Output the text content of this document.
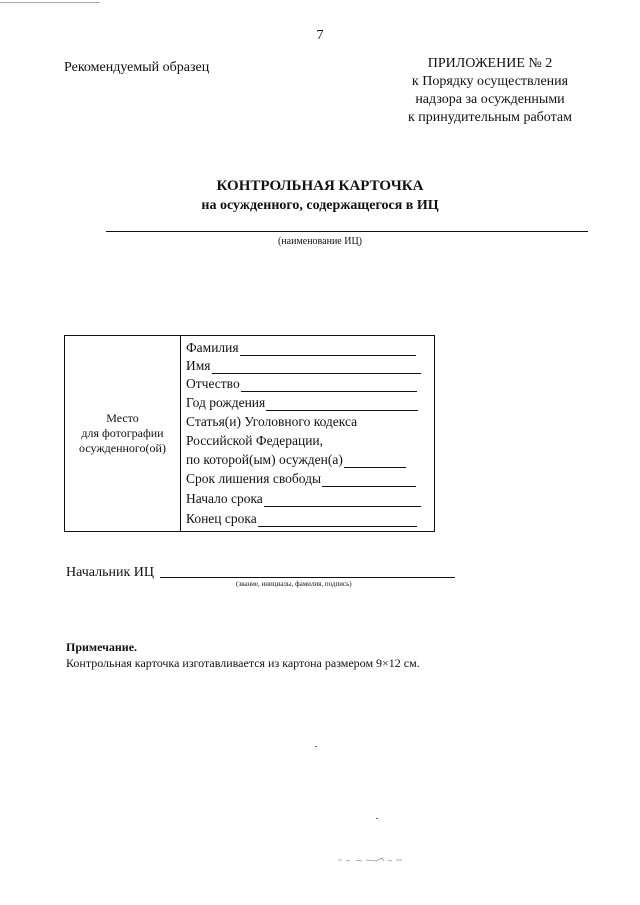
7
Рекомендуемый образец	ПРИЛОЖЕНИЕ № 2
к Порядку осуществления
надзора за осужденными
к принудительным работам
КОНТРОЛЬНАЯ КАРТОЧКА
на осужденного, содержащегося в ИЦ
(наименование ИЦ)
Место
для фотографии
осужденного(ой)
Фамилия
Имя
Отчество
Год рождения
Статья(и) Уголовного кодекса
Российской Федерации,
по которой(ым) осужден(а)
Срок лишения свободы
Начало срока
Конец срока
Начальник ИЦ
(звание, инициалы, фамилия, подпись)
Примечание.
Контрольная карточка изготавливается из картона размером 9×12 см.
